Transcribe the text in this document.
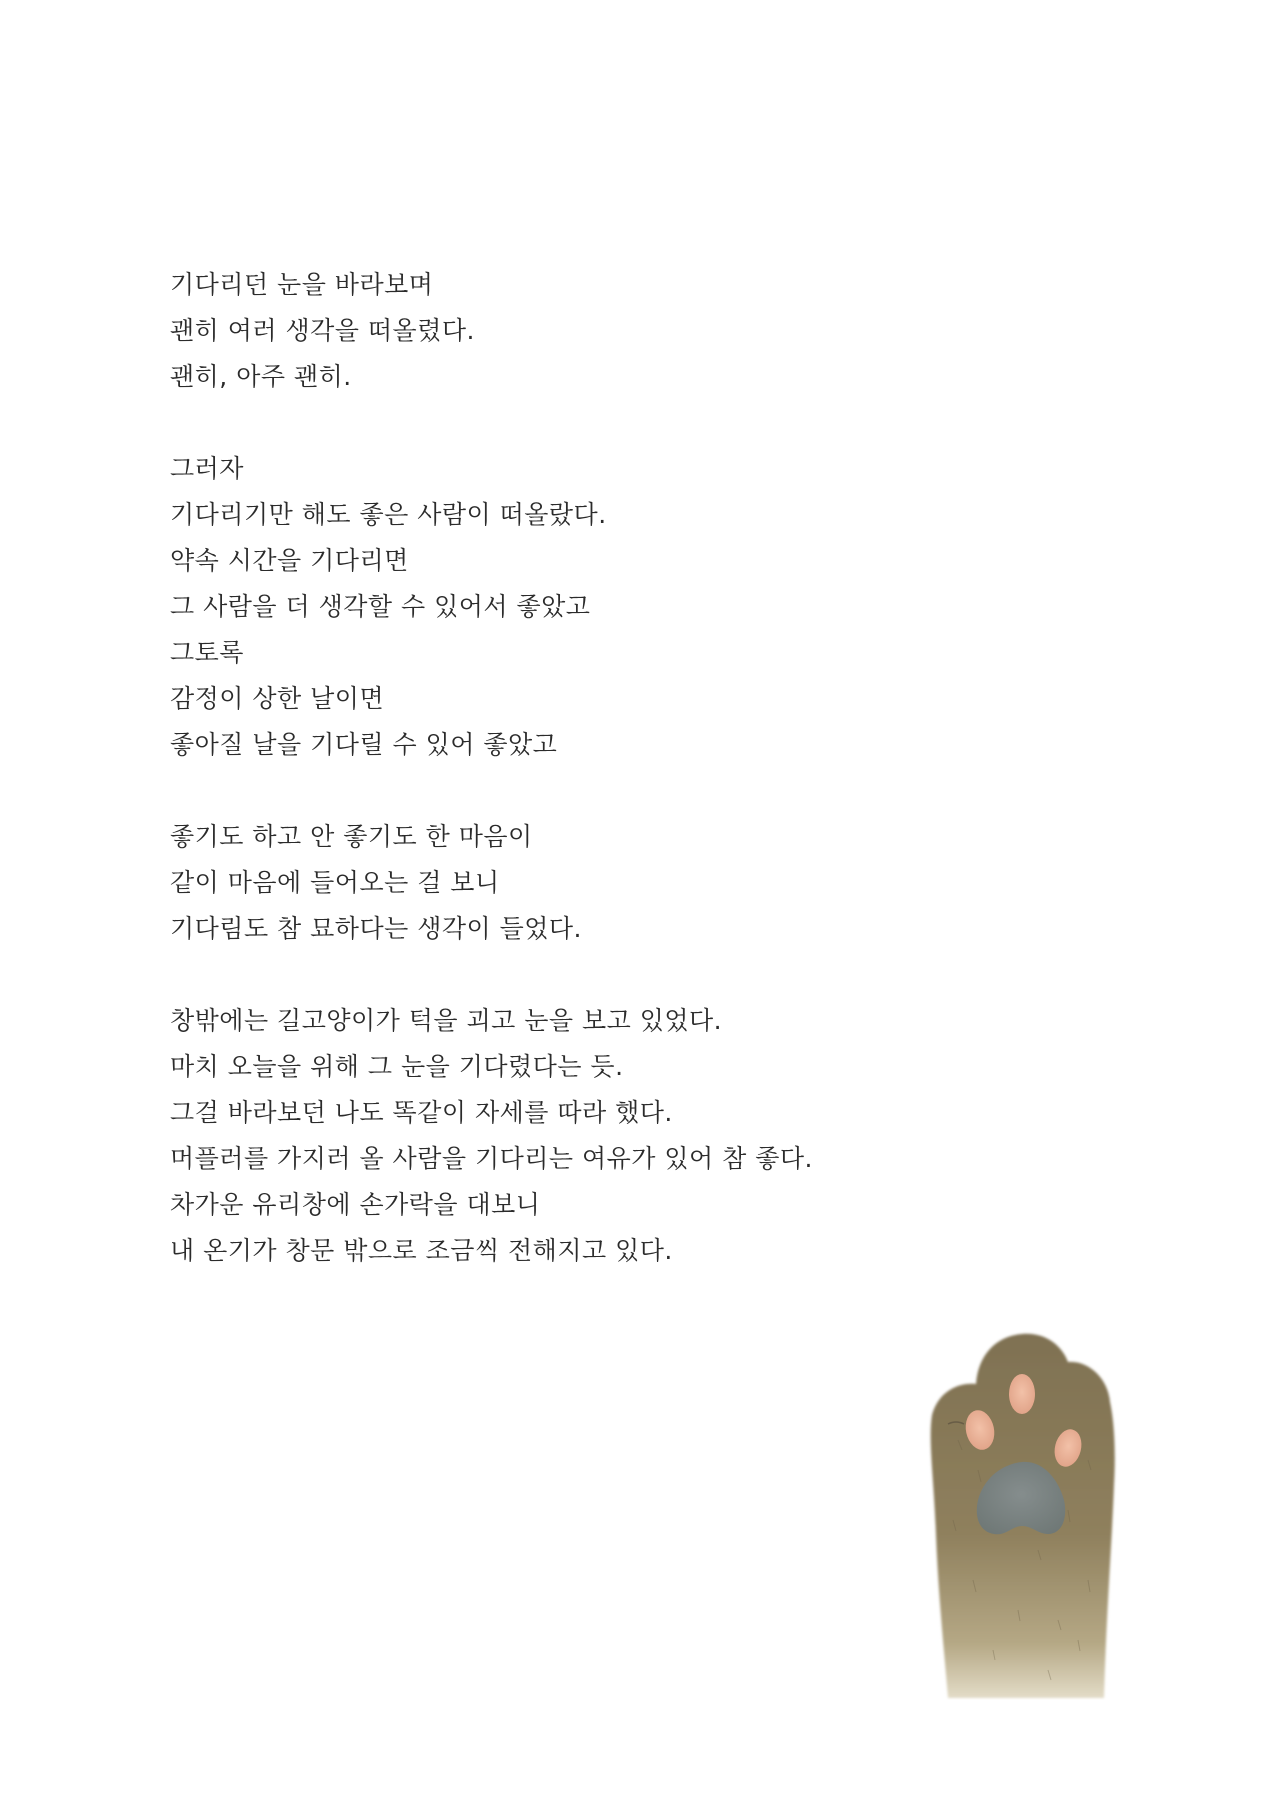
기다리던 눈을 바라보며
괜히 여러 생각을 떠올렸다.
괜히, 아주 괜히.
그러자
기다리기만 해도 좋은 사람이 떠올랐다.
약속 시간을 기다리면
그 사람을 더 생각할 수 있어서 좋았고
그토록
감정이 상한 날이면
좋아질 날을 기다릴 수 있어 좋았고
좋기도 하고 안 좋기도 한 마음이
같이 마음에 들어오는 걸 보니
기다림도 참 묘하다는 생각이 들었다.
창밖에는 길고양이가 턱을 괴고 눈을 보고 있었다.
마치 오늘을 위해 그 눈을 기다렸다는 듯.
그걸 바라보던 나도 똑같이 자세를 따라 했다.
머플러를 가지러 올 사람을 기다리는 여유가 있어 참 좋다.
차가운 유리창에 손가락을 대보니
내 온기가 창문 밖으로 조금씩 전해지고 있다.
